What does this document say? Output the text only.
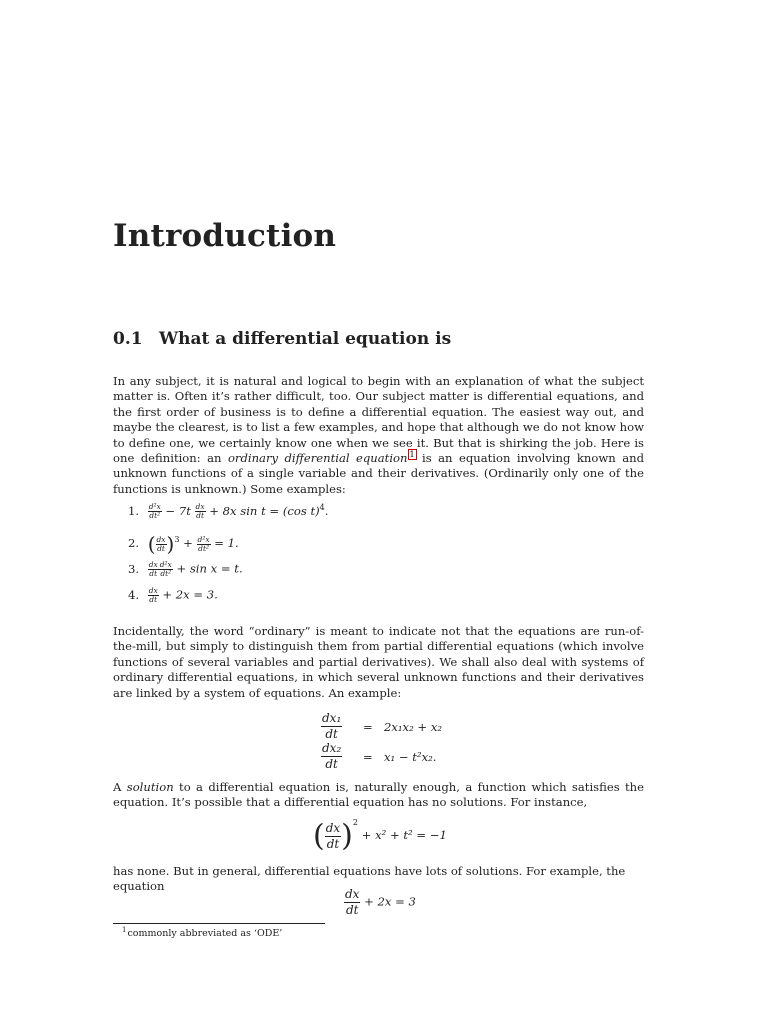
Introduction
0.1 What a differential equation is

In any subject, it is natural and logical to begin with an explanation of what the subject matter is. Often it’s rather difficult, too. Our subject matter is differential equations, and the first order of business is to define a differential equation. The easiest way out, and maybe the clearest, is to list a few examples, and hope that although we do not know how to define one, we certainly know one when we see it. But that is shirking the job. Here is one definition: an ordinary differential equation $^1$ is an equation involving known and unknown functions of a single variable and their derivatives. (Ordinarily only one of the functions is unknown.) Some examples:

1. $\frac{\text{d²x}}{\text{dt²}} - 7t \frac{dx}{dt} + 8x$ sin t = (cos t)$^4$.
2. ( $\frac{dx}{dt} )^3 + \frac{\text{d²x}}{\text{dt²}} = 1$.
3. $\frac{dx}{dt} \frac{\text{d²x}}{\text{dt²}} + \sin x = t$.
4. $\frac{dx}{dt} + 2x = 3$.

Incidentally, the word “ordinary” is meant to indicate not that the equations are run-of-the-mill, but simply to distinguish them from partial differential equations (which involve functions of several variables and partial derivatives). We shall also deal with systems of ordinary differential equations, in which several unknown functions and their derivatives are linked by a system of equations. An example:

$\frac{\text{dx₁}}{dt} = 2x_1x_2 + x_2$
$\frac{\text{dx₂}}{dt} = x_1 - t^2x_2$.

A solution to a differential equation is, naturally enough, a function which satisfies the equation. It’s possible that a differential equation has no solutions. For instance,

( $\frac{dx}{dt} )^2 + x^2 + t^2 = -1$

has none. But in general, differential equations have lots of solutions. For example, the equation

$\frac{dx}{dt} + 2x = 3$
$^1$commonly abbreviated as ‘ODE’
